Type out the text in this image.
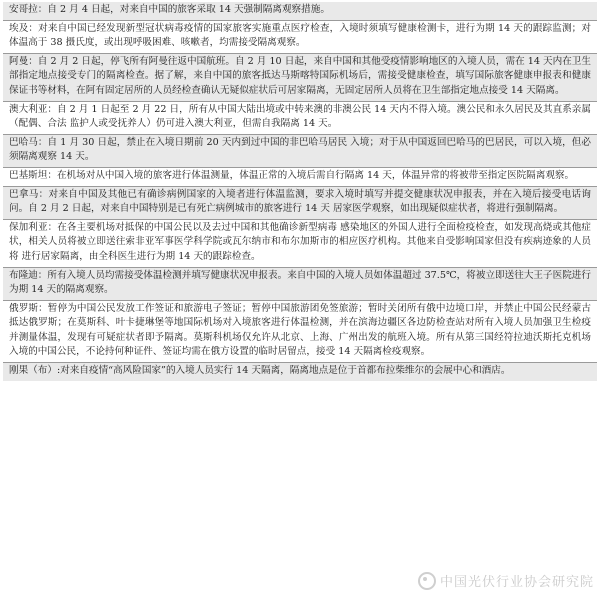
安哥拉：自 2 月 4 日起，对来自中国的旅客采取 14 天强制隔离观察措施。
埃及：对来自中国已经发现新型冠状病毒疫情的国家旅客实施重点医疗检查，入境时须填写健康检测卡，进行为期 14 天的跟踪监测；对体温高于 38 摄氏度，或出现呼吸困难、咳嗽者，均需接受隔离观察。
阿曼：自 2 月 2 日起，停飞所有阿曼往返中国航班。自 2 月 10 日起，来自中国和其他受疫情影响地区的入境人员，需在 14 天内在卫生部指定地点接受专门的隔离检查。据了解，来自中国的旅客抵达马斯喀特国际机场后，需接受健康检查，填写国际旅客健康申报表和健康保证书等材料，在阿有固定居所的人员经检查确认无疑似症状后可居家隔离，无固定居所人员将在卫生部指定地点接受 14 天隔离。
澳大利亚：自 2 月 1 日起至 2 月 22 日，所有从中国大陆出境或中转来澳的非澳公民 14 天内不得入境。澳公民和永久居民及其直系亲属（配偶、合法 监护人或受抚养人）仍可进入澳大利亚，但需自我隔离 14 天。
巴哈马：自 1 月 30 日起，禁止在入境日期前 20 天内到过中国的非巴哈马居民 入境；对于从中国返回巴哈马的巴居民，可以入境，但必须隔离观察 14 天。
巴基斯坦：在机场对从中国入境的旅客进行体温测量，体温正常的入境后需自行隔离 14 天，体温异常的将被带至指定医院隔离观察。
巴拿马：对来自中国及其他已有确诊病例国家的入境者进行体温监测，要求入境时填写并提交健康状况申报表，并在入境后接受电话询问。自 2 月 2 日起，对来自中国特别是已有死亡病例城市的旅客进行 14 天 居家医学观察，如出现疑似症状者，将进行强制隔离。
保加利亚：在各主要机场对抵保的中国公民以及去过中国和其他确诊新型病毒 感染地区的外国人进行全面检疫检查，如发现高烧或其他症状，相关人员将被立即送往索非亚军事医学科学院或瓦尔纳市和布尔加斯市的相应医疗机构。其他来自受影响国家但没有疾病迹象的人员将 进行居家隔离，由全科医生进行为期 14 天的跟踪检查。
布隆迪：所有入境人员均需接受体温检测并填写健康状况申报表。来自中国的入境人员如体温超过 37.5℃，将被立即送往大王子医院进行为期 14 天的隔离观察。
俄罗斯：暂停为中国公民发放工作签证和旅游电子签证；暂停中国旅游团免签旅游；暂时关闭所有俄中边境口岸，并禁止中国公民经蒙古抵达俄罗斯；在莫斯科、叶卡捷琳堡等地国际机场对入境旅客进行体温检测，并在滨海边疆区各边防检查站对所有入境人员加强卫生检疫并测量体温，发现有可疑症状者即予隔离。莫斯科机场仅允许从北京、上海、广州出发的航班入境。所有从第三国经符拉迪沃斯托克机场入境的中国公民，不论持何种证件、签证均需在俄方设置的临时居留点，接受 14 天隔离检疫观察。
刚果（布）:对来自疫情“高风险国家”的入境人员实行 14 天隔离，隔离地点是位于首都布拉柴维尔的会展中心和酒店。
中国光伏行业协会研究院
